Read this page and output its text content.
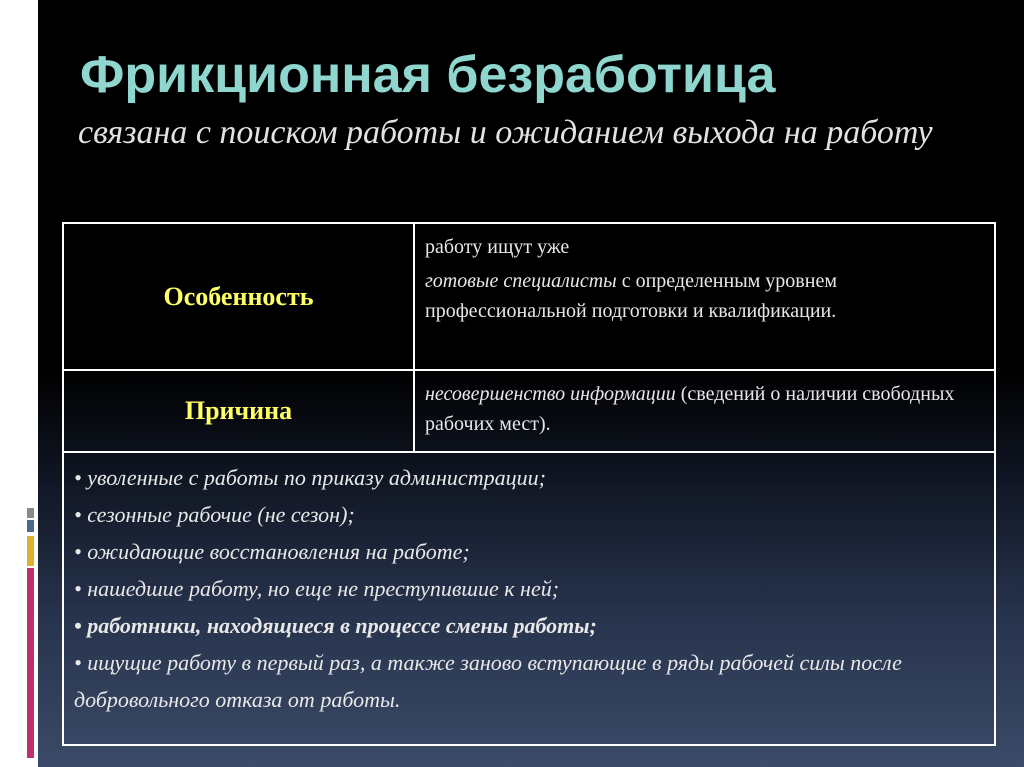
Фрикционная безработица

связана с поиском работы и ожиданием выхода на работу

Особенность
работу ищут уже
готовые специалисты с определенным уровнем профессиональной подготовки и квалификации.
Причина
несовершенство информации (сведений о наличии свободных рабочих мест).
• уволенные с работы по приказу администрации;
• сезонные рабочие (не сезон);
• ожидающие восстановления на работе;
• нашедшие работу, но еще не преступившие к ней;
• работники, находящиеся в процессе смены работы;
• ищущие работу в первый раз, а также заново вступающие в ряды рабочей силы после добровольного отказа от работы.
